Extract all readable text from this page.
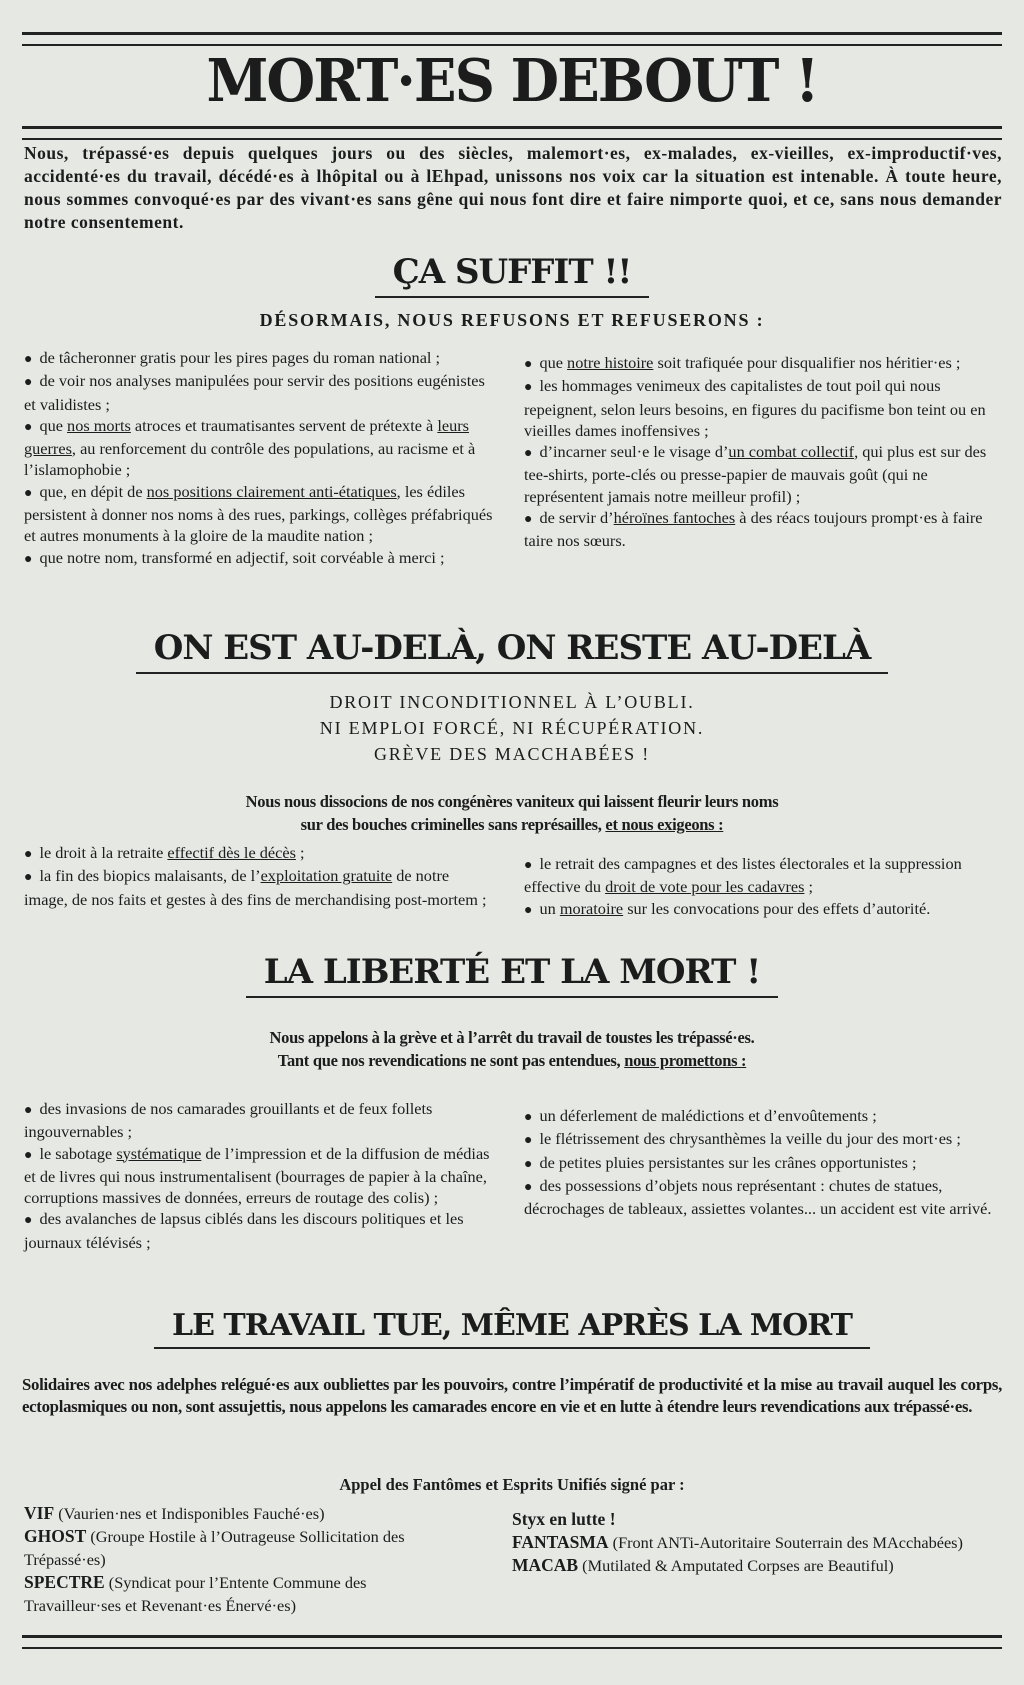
MORT·ES DEBOUT !

Nous, trépassé·es depuis quelques jours ou des siècles, malemort·es, ex-malades, ex-vieilles, ex-improductif·ves, accidenté·es du travail, décédé·es à lhôpital ou à lEhpad, unissons nos voix car la situation est intenable. À toute heure, nous sommes convoqué·es par des vivant·es sans gêne qui nous font dire et faire nimporte quoi, et ce, sans nous demander notre consentement.

ÇA SUFFIT !!

DÉSORMAIS, NOUS REFUSONS ET REFUSERONS :

● de tâcheronner gratis pour les pires pages du roman national ;
● de voir nos analyses manipulées pour servir des positions eugénistes et validistes ;
● que nos morts atroces et traumatisantes servent de prétexte à leurs guerres, au renforcement du contrôle des populations, au racisme et à l’islamophobie ;
● que, en dépit de nos positions clairement anti-étatiques, les édiles persistent à donner nos noms à des rues, parkings, collèges préfabriqués et autres monuments à la gloire de la maudite nation ;
● que notre nom, transformé en adjectif, soit corvéable à merci ;
● que notre histoire soit trafiquée pour disqualifier nos héritier·es ;
● les hommages venimeux des capitalistes de tout poil qui nous repeignent, selon leurs besoins, en figures du pacifisme bon teint ou en vieilles dames inoffensives ;
● d’incarner seul·e le visage d’un combat collectif, qui plus est sur des tee-shirts, porte-clés ou presse-papier de mauvais goût (qui ne représentent jamais notre meilleur profil) ;
● de servir d’héroïnes fantoches à des réacs toujours prompt·es à faire taire nos sœurs.
ON EST AU-DELÀ, ON RESTE AU-DELÀ
DROIT INCONDITIONNEL À L’OUBLI.
NI EMPLOI FORCÉ, NI RÉCUPÉRATION.
GRÈVE DES MACCHABÉES !
Nous nous dissocions de nos congénères vaniteux qui laissent fleurir leurs noms
sur des bouches criminelles sans représailles, et nous exigeons :
● le droit à la retraite effectif dès le décès ;
● la fin des biopics malaisants, de l’exploitation gratuite de notre image, de nos faits et gestes à des fins de merchandising post-mortem ;
● le retrait des campagnes et des listes électorales et la suppression effective du droit de vote pour les cadavres ;
● un moratoire sur les convocations pour des effets d’autorité.
LA LIBERTÉ ET LA MORT !
Nous appelons à la grève et à l’arrêt du travail de toustes les trépassé·es.
Tant que nos revendications ne sont pas entendues, nous promettons :
● des invasions de nos camarades grouillants et de feux follets ingouvernables ;
● le sabotage systématique de l’impression et de la diffusion de médias et de livres qui nous instrumentalisent (bourrages de papier à la chaîne, corruptions massives de données, erreurs de routage des colis) ;
● des avalanches de lapsus ciblés dans les discours politiques et les journaux télévisés ;
● un déferlement de malédictions et d’envoûtements ;
● le flétrissement des chrysanthèmes la veille du jour des mort·es ;
● de petites pluies persistantes sur les crânes opportunistes ;
● des possessions d’objets nous représentant : chutes de statues, décrochages de tableaux, assiettes volantes... un accident est vite arrivé.
LE TRAVAIL TUE, MÊME APRÈS LA MORT

Solidaires avec nos adelphes relégué·es aux oubliettes par les pouvoirs, contre l’impératif de productivité et la mise au travail auquel les corps, ectoplasmiques ou non, sont assujettis, nous appelons les camarades encore en vie et en lutte à étendre leurs revendications aux trépassé·es.

Appel des Fantômes et Esprits Unifiés signé par :

VIF (Vaurien·nes et Indisponibles Fauché·es)
GHOST (Groupe Hostile à l’Outrageuse Sollicitation des Trépassé·es)
SPECTRE (Syndicat pour l’Entente Commune des Travailleur·ses et Revenant·es Énervé·es)
Styx en lutte !
FANTASMA (Front ANTi-Autoritaire Souterrain des MAcchabées)
MACAB (Mutilated & Amputated Corpses are Beautiful)
